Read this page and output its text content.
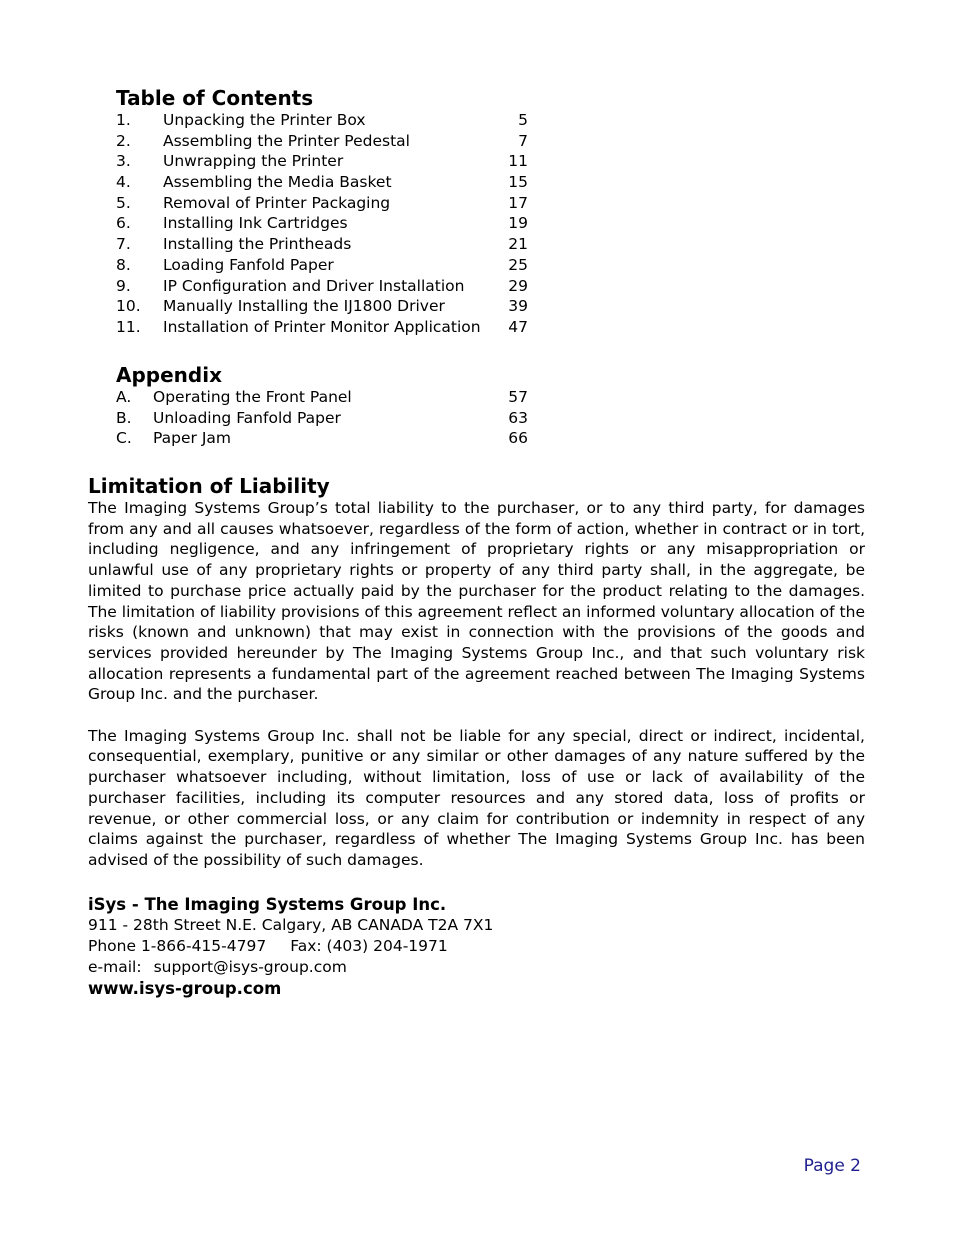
Table of Contents
1. Unpacking the Printer Box	5
2. Assembling the Printer Pedestal	7
3. Unwrapping the Printer	11
4. Assembling the Media Basket	15
5. Removal of Printer Packaging	17
6. Installing Ink Cartridges	19
7. Installing the Printheads	21
8. Loading Fanfold Paper	25
9. IP Configuration and Driver Installation	29
10. Manually Installing the IJ1800 Driver	39
11. Installation of Printer Monitor Application 47
Appendix
A. Operating the Front Panel	57
B. Unloading Fanfold Paper	63
C. Paper Jam	66
Limitation of Liability

The Imaging Systems Group’s total liability to the purchaser, or to any third party, for damages from any and all causes whatsoever, regardless of the form of action, whether in contract or in tort, including negligence, and any infringement of proprietary rights or any misappropriation or unlawful use of any proprietary rights or property of any third party shall, in the aggregate, be limited to purchase price actually paid by the purchaser for the product relating to the damages. The limitation of liability provisions of this agreement reflect an informed voluntary allocation of the risks (known and unknown) that may exist in connection with the provisions of the goods and services provided hereunder by The Imaging Systems Group Inc., and that such voluntary risk allocation represents a fundamental part of the agreement reached between The Imaging Systems Group Inc. and the purchaser.

The Imaging Systems Group Inc. shall not be liable for any special, direct or indirect, incidental, consequential, exemplary, punitive or any similar or other damages of any nature suffered by the purchaser whatsoever including, without limitation, loss of use or lack of availability of the purchaser facilities, including its computer resources and any stored data, loss of profits or revenue, or other commercial loss, or any claim for contribution or indemnity in respect of any claims against the purchaser, regardless of whether The Imaging Systems Group Inc. has been advised of the possibility of such damages.

iSys - The Imaging Systems Group Inc.
911 - 28th Street N.E. Calgary, AB CANADA T2A 7X1
Phone 1-866-415-4797 Fax: (403) 204-1971
e-mail: support@isys-group.com
www.isys-group.com
Page 2
